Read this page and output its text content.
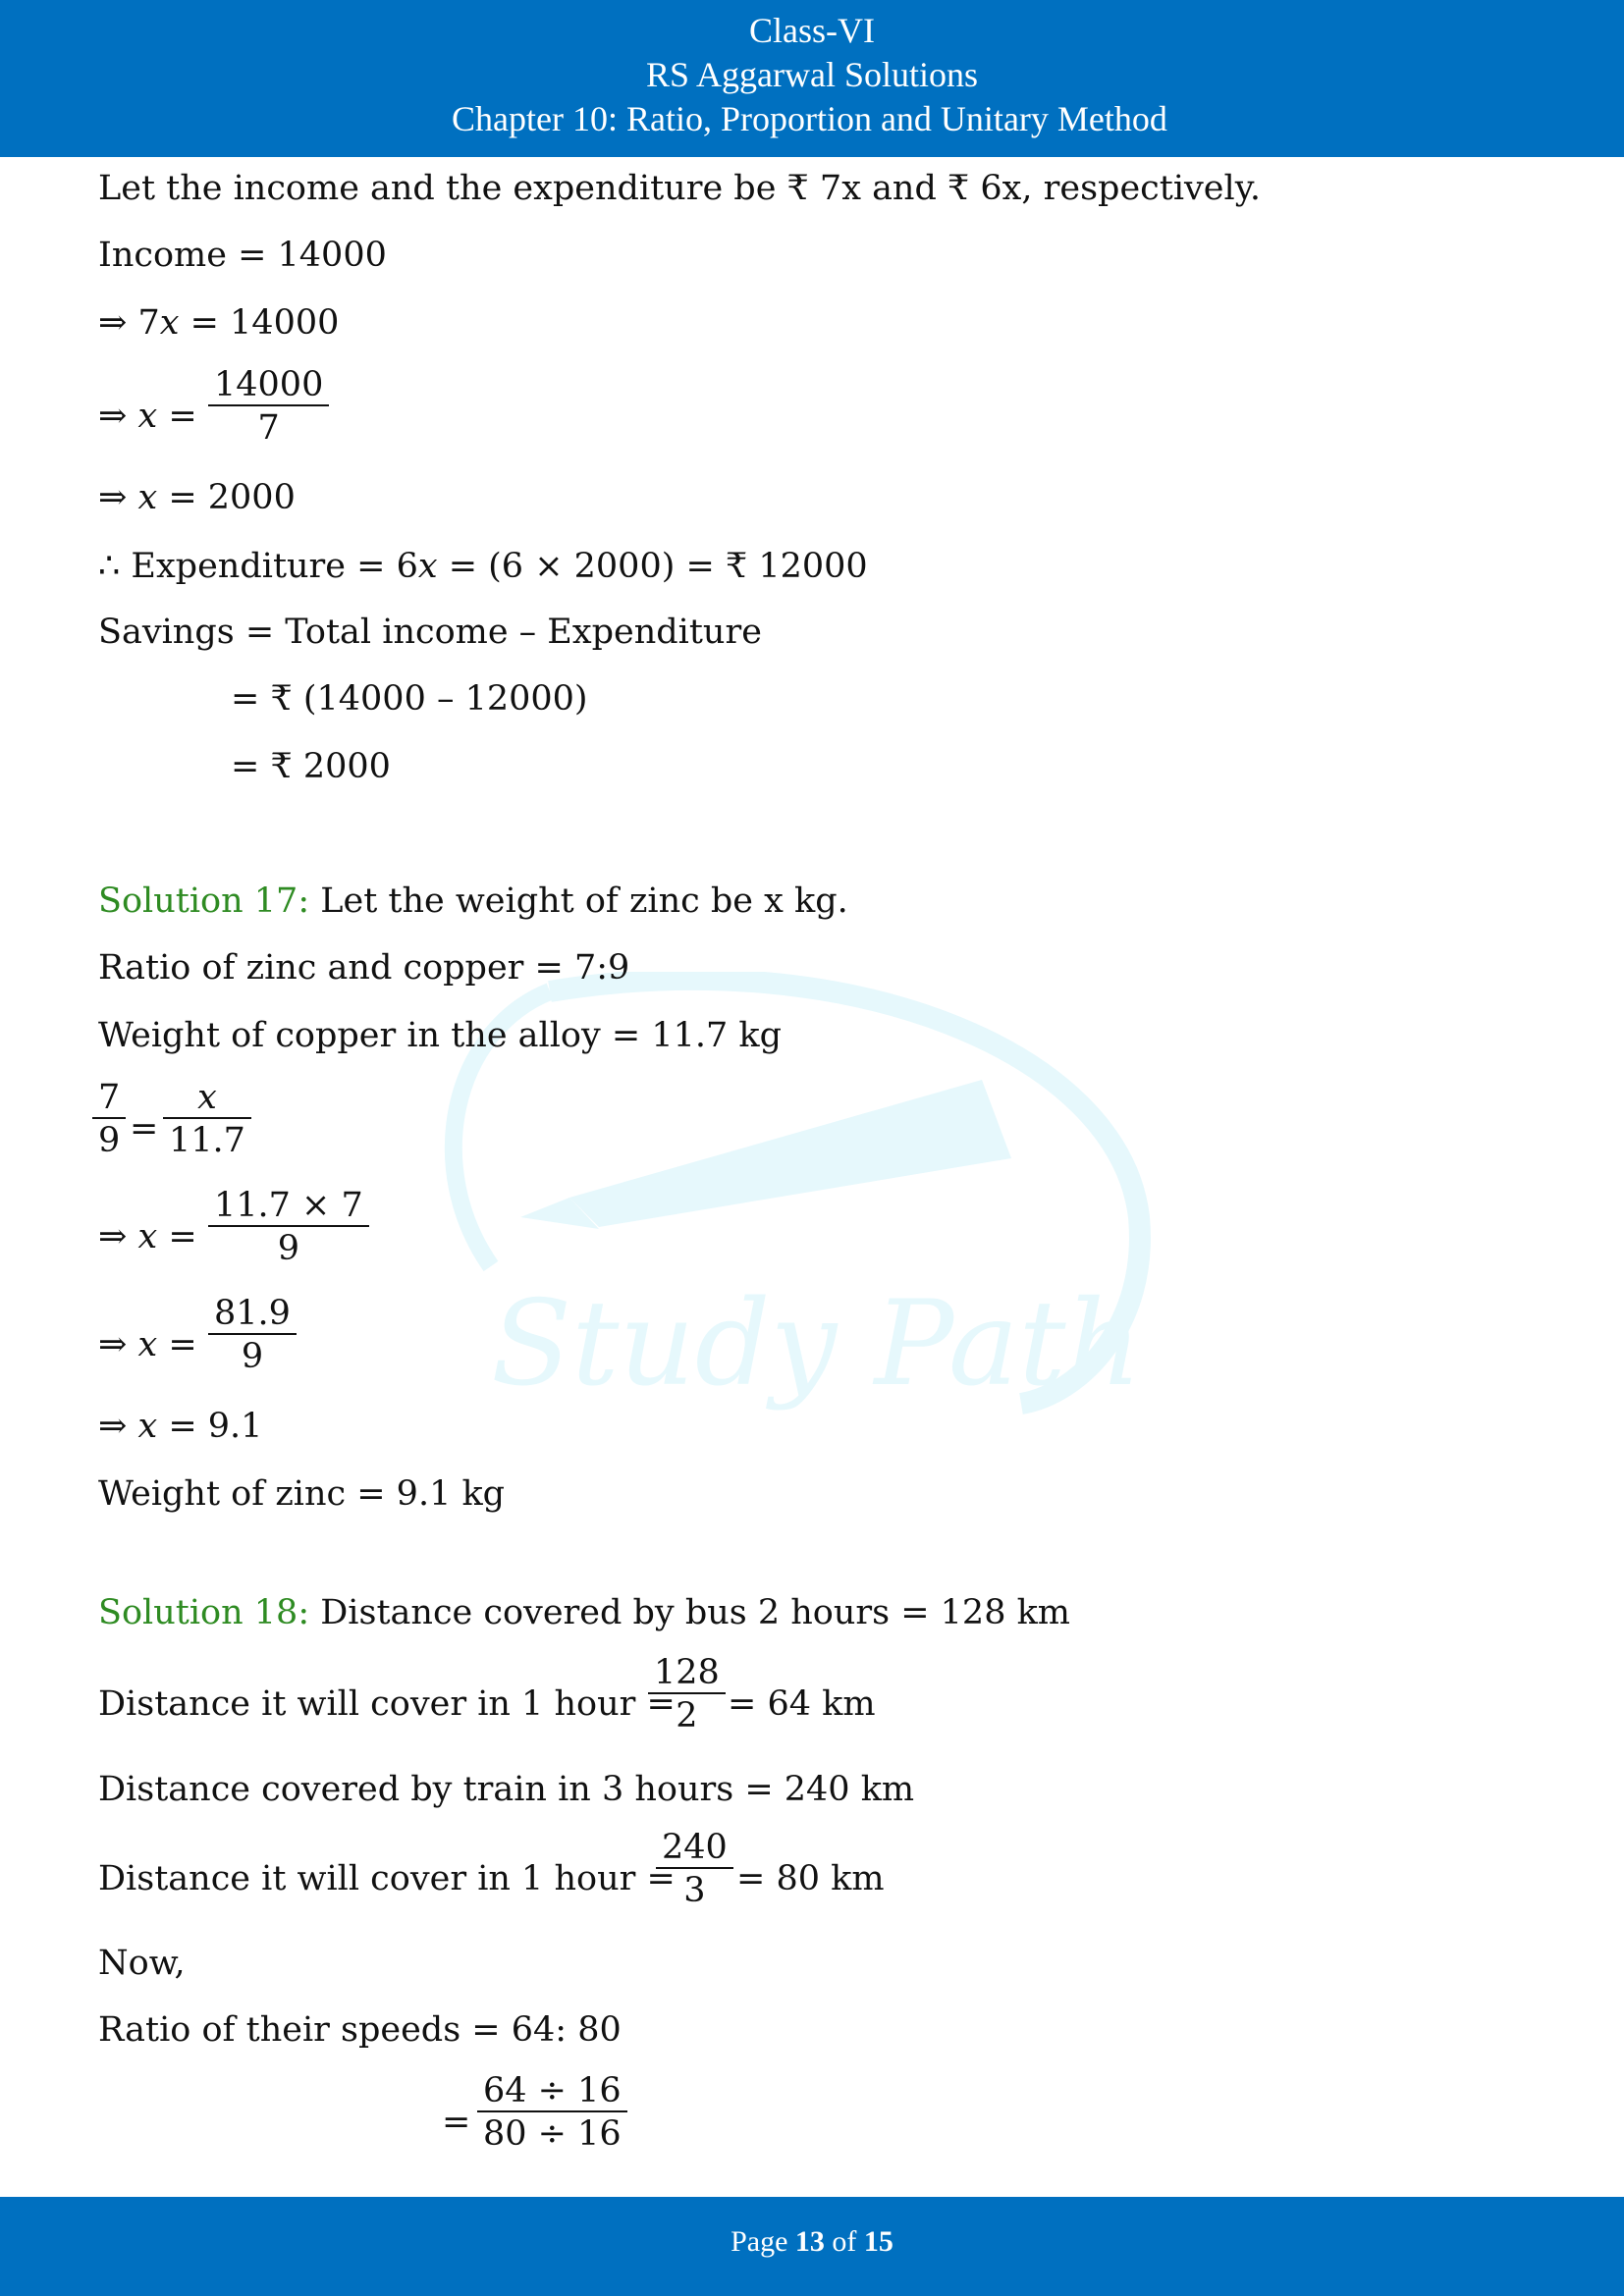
Class-VI
RS Aggarwal Solutions
Chapter 10: Ratio, Proportion and Unitary Method
Study Path
Let the income and the expenditure be ₹ 7x and ₹ 6x, respectively.
Income = 14000
⇒ 7𝑥 = 14000
⇒ 𝑥 = $\frac{14000}{7}$
⇒ 𝑥 = 2000
∴ Expenditure = 6𝑥 = (6 × 2000) = ₹ 12000
Savings = Total income – Expenditure
= ₹ (14000 – 12000)
= ₹ 2000
Solution 17: Let the weight of zinc be x kg.
Ratio of zinc and copper = 7:9
Weight of copper in the alloy = 11.7 kg
$\frac{7}{9}$ =
𝑥
11.7
⇒ 𝑥 = $\frac{11.7 \times 7}{9}$
⇒ 𝑥 = $\frac{81.9}{9}$
⇒ 𝑥 = 9.1
Weight of zinc = 9.1 kg
Solution 18: Distance covered by bus 2 hours = 128 km
Distance it will cover in 1 hour =
$\frac{128}{2} = 64$ km
Distance covered by train in 3 hours = 240 km
Distance it will cover in 1 hour =
$\frac{240}{3} = 80$ km
Now,
Ratio of their speeds = 64: 80
= $\frac{64 \div 16}{80 \div 16}$
Page 13 of 15
